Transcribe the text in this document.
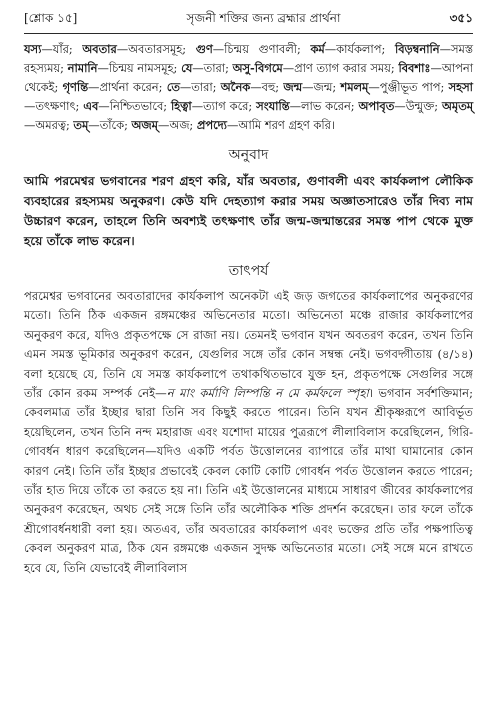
[শ্লোক ১৫]	সৃজনী শক্তির জন্য ব্রহ্মার প্রার্থনা	৩৫১

যস্য—যাঁর; অবতার—অবতারসমূহ; গুণ—চিন্ময় গুণাবলী; কর্ম—কার্যকলাপ; বিড়ম্বনানি—সমস্ত রহস্যময়; নামানি—চিন্ময় নামসমূহ; যে—তারা; অসু-বিগমে—প্রাণ ত্যাগ করার সময়; বিবশাঃ—আপনা থেকেই; গৃণন্তি—প্রার্থনা করেন; তে—তারা; অনৈক—বহু; জন্ম—জন্ম; শমলম্—পুঞ্জীভূত পাপ; সহসা—তৎক্ষণাৎ; এব—নিশ্চিতভাবে; হিত্বা—ত্যাগ করে; সংযান্তি—লাভ করেন; অপাবৃত—উন্মুক্ত; অমৃতম্—অমরত্ব; তম্—তাঁকে; অজম্—অজ; প্রপদ্যে—আমি শরণ গ্রহণ করি।

অনুবাদ

আমি পরমেশ্বর ভগবানের শরণ গ্রহণ করি, যাঁর অবতার, গুণাবলী এবং কার্যকলাপ লৌকিক ব্যবহারের রহস্যময় অনুকরণ। কেউ যদি দেহত্যাগ করার সময় অজ্ঞাতসারেও তাঁর দিব্য নাম উচ্চারণ করেন, তাহলে তিনি অবশ্যই তৎক্ষণাৎ তাঁর জন্ম-জন্মান্তরের সমস্ত পাপ থেকে মুক্ত হয়ে তাঁকে লাভ করেন।

তাৎপর্য

পরমেশ্বর ভগবানের অবতারাদের কার্যকলাপ অনেকটা এই জড় জগতের কার্যকলাপের অনুকরণের মতো। তিনি ঠিক একজন রঙ্গমঞ্চের অভিনেতার মতো। অভিনেতা মঞ্চে রাজার কার্যকলাপের অনুকরণ করে, যদিও প্রকৃতপক্ষে সে রাজা নয়। তেমনই ভগবান যখন অবতরণ করেন, তখন তিনি এমন সমস্ত ভূমিকার অনুকরণ করেন, যেগুলির সঙ্গে তাঁর কোন সম্বন্ধ নেই। ভগবদ্গীতায় (৪/১৪) বলা হয়েছে যে, তিনি যে সমস্ত কার্যকলাপে তথাকথিতভাবে যুক্ত হন, প্রকৃতপক্ষে সেগুলির সঙ্গে তাঁর কোন রকম সম্পর্ক নেই—ন মাং কর্মাণি লিম্পন্তি ন মে কর্মফলে স্পৃহা। ভগবান সর্বশক্তিমান; কেবলমাত্র তাঁর ইচ্ছার দ্বারা তিনি সব কিছুই করতে পারেন। তিনি যখন শ্রীকৃষ্ণরূপে আবির্ভূত হয়েছিলেন, তখন তিনি নন্দ মহারাজ এবং যশোদা মায়ের পুত্ররূপে লীলাবিলাস করেছিলেন, গিরি-গোবর্ধন ধারণ করেছিলেন—যদিও একটি পর্বত উত্তোলনের ব্যাপারে তাঁর মাথা ঘামানোর কোন কারণ নেই। তিনি তাঁর ইচ্ছার প্রভাবেই কেবল কোটি কোটি গোবর্ধন পর্বত উত্তোলন করতে পারেন; তাঁর হাত দিয়ে তাঁকে তা করতে হয় না। তিনি এই উত্তোলনের মাধ্যমে সাধারণ জীবের কার্যকলাপের অনুকরণ করেছেন, অথচ সেই সঙ্গে তিনি তাঁর অলৌকিক শক্তি প্রদর্শন করেছেন। তার ফলে তাঁকে শ্রীগোবর্ধনধারী বলা হয়। অতএব, তাঁর অবতারের কার্যকলাপ এবং ভক্তের প্রতি তাঁর পক্ষপাতিত্ব কেবল অনুকরণ মাত্র, ঠিক যেন রঙ্গমঞ্চে একজন সুদক্ষ অভিনেতার মতো। সেই সঙ্গে মনে রাখতে হবে যে, তিনি যেভাবেই লীলাবিলাস
